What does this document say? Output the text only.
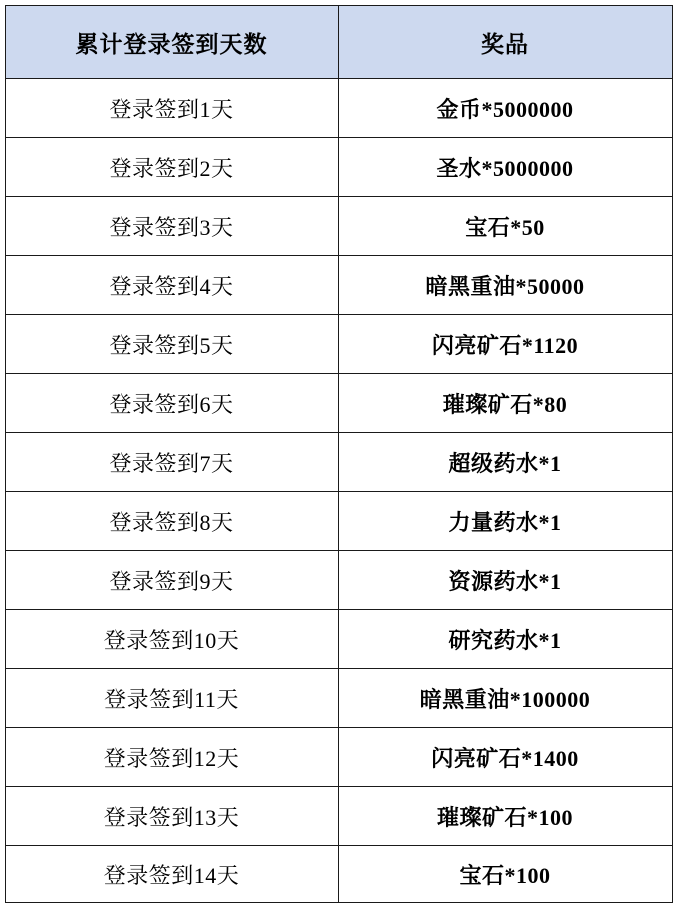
累计登录签到天数	奖品
登录签到1天	金币*5000000
登录签到2天	圣水*5000000
登录签到3天	宝石*50
登录签到4天	暗黑重油*50000
登录签到5天	闪亮矿石*1120
登录签到6天	璀璨矿石*80
登录签到7天	超级药水*1
登录签到8天	力量药水*1
登录签到9天	资源药水*1
登录签到10天	研究药水*1
登录签到11天	暗黑重油*100000
登录签到12天	闪亮矿石*1400
登录签到13天	璀璨矿石*100
登录签到14天	宝石*100
